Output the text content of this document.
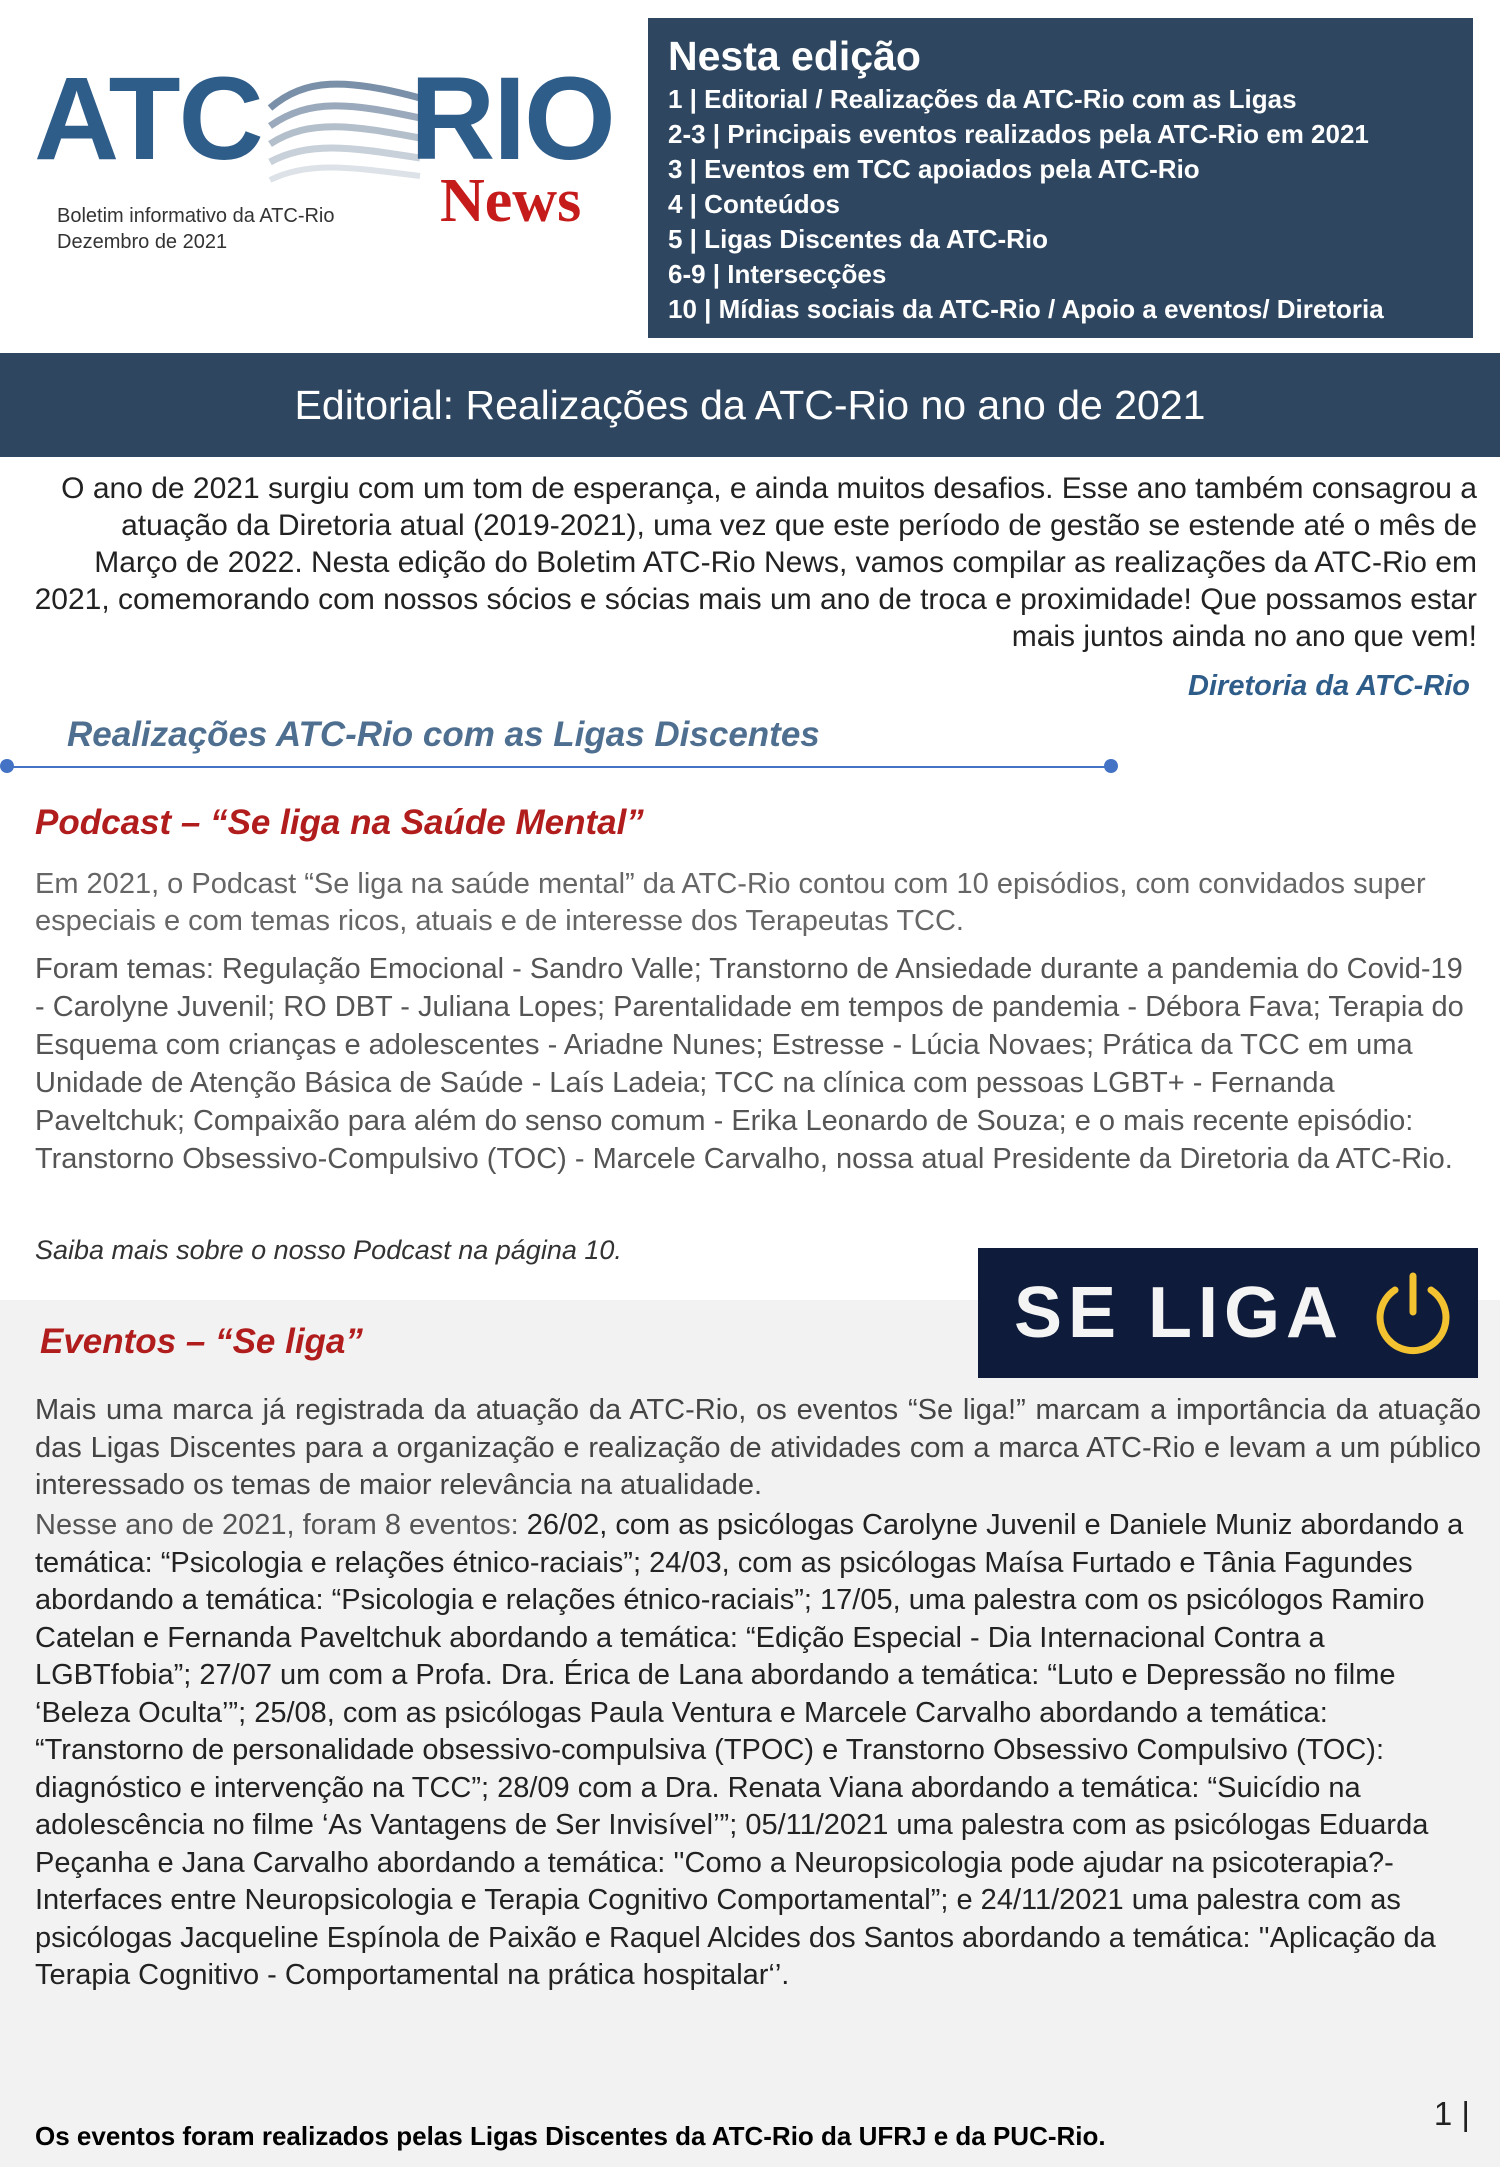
ATC RIO
News
Boletim informativo da ATC-Rio
Dezembro de 2021
Nesta edição
1 | Editorial / Realizações da ATC-Rio com as Ligas
2-3 | Principais eventos realizados pela ATC-Rio em 2021
3 | Eventos em TCC apoiados pela ATC-Rio
4 | Conteúdos
5 | Ligas Discentes da ATC-Rio
6-9 | Intersecções
10 | Mídias sociais da ATC-Rio / Apoio a eventos/ Diretoria
Editorial: Realizações da ATC-Rio no ano de 2021
O ano de 2021 surgiu com um tom de esperança, e ainda muitos desafios. Esse ano também consagrou a atuação da Diretoria atual (2019-2021), uma vez que este período de gestão se estende até o mês de Março de 2022. Nesta edição do Boletim ATC-Rio News, vamos compilar as realizações da ATC-Rio em 2021, comemorando com nossos sócios e sócias mais um ano de troca e proximidade! Que possamos estar mais juntos ainda no ano que vem!
Diretoria da ATC-Rio
Realizações ATC-Rio com as Ligas Discentes
Podcast – “Se liga na Saúde Mental”
Em 2021, o Podcast “Se liga na saúde mental” da ATC-Rio contou com 10 episódios, com convidados super especiais e com temas ricos, atuais e de interesse dos Terapeutas TCC.
Foram temas: Regulação Emocional - Sandro Valle; Transtorno de Ansiedade durante a pandemia do Covid-19 - Carolyne Juvenil; RO DBT - Juliana Lopes; Parentalidade em tempos de pandemia - Débora Fava; Terapia do Esquema com crianças e adolescentes - Ariadne Nunes; Estresse - Lúcia Novaes; Prática da TCC em uma Unidade de Atenção Básica de Saúde - Laís Ladeia; TCC na clínica com pessoas LGBT+ - Fernanda Paveltchuk; Compaixão para além do senso comum - Erika Leonardo de Souza; e o mais recente episódio: Transtorno Obsessivo-Compulsivo (TOC) - Marcele Carvalho, nossa atual Presidente da Diretoria da ATC-Rio.
Saiba mais sobre o nosso Podcast na página 10.
SE LIGA
Eventos – “Se liga”
Mais uma marca já registrada da atuação da ATC-Rio, os eventos “Se liga!” marcam a importância da atuação das Ligas Discentes para a organização e realização de atividades com a marca ATC-Rio e levam a um público interessado os temas de maior relevância na atualidade.
Nesse ano de 2021, foram 8 eventos: 26/02, com as psicólogas Carolyne Juvenil e Daniele Muniz abordando a temática: “Psicologia e relações étnico-raciais”; 24/03, com as psicólogas Maísa Furtado e Tânia Fagundes abordando a temática: “Psicologia e relações étnico-raciais”; 17/05, uma palestra com os psicólogos Ramiro Catelan e Fernanda Paveltchuk abordando a temática: “Edição Especial - Dia Internacional Contra a LGBTfobia”; 27/07 um com a Profa. Dra. Érica de Lana abordando a temática: “Luto e Depressão no filme ‘Beleza Oculta’”; 25/08, com as psicólogas Paula Ventura e Marcele Carvalho abordando a temática: “Transtorno de personalidade obsessivo-compulsiva (TPOC) e Transtorno Obsessivo Compulsivo (TOC): diagnóstico e intervenção na TCC”; 28/09 com a Dra. Renata Viana abordando a temática: “Suicídio na adolescência no filme ‘As Vantagens de Ser Invisível’”; 05/11/2021 uma palestra com as psicólogas Eduarda Peçanha e Jana Carvalho abordando a temática: ''Como a Neuropsicologia pode ajudar na psicoterapia?- Interfaces entre Neuropsicologia e Terapia Cognitivo Comportamental”; e 24/11/2021 uma palestra com as psicólogas Jacqueline Espínola de Paixão e Raquel Alcides dos Santos abordando a temática: ''Aplicação da Terapia Cognitivo - Comportamental na prática hospitalar‘’.
1 |
Os eventos foram realizados pelas Ligas Discentes da ATC-Rio da UFRJ e da PUC-Rio.
